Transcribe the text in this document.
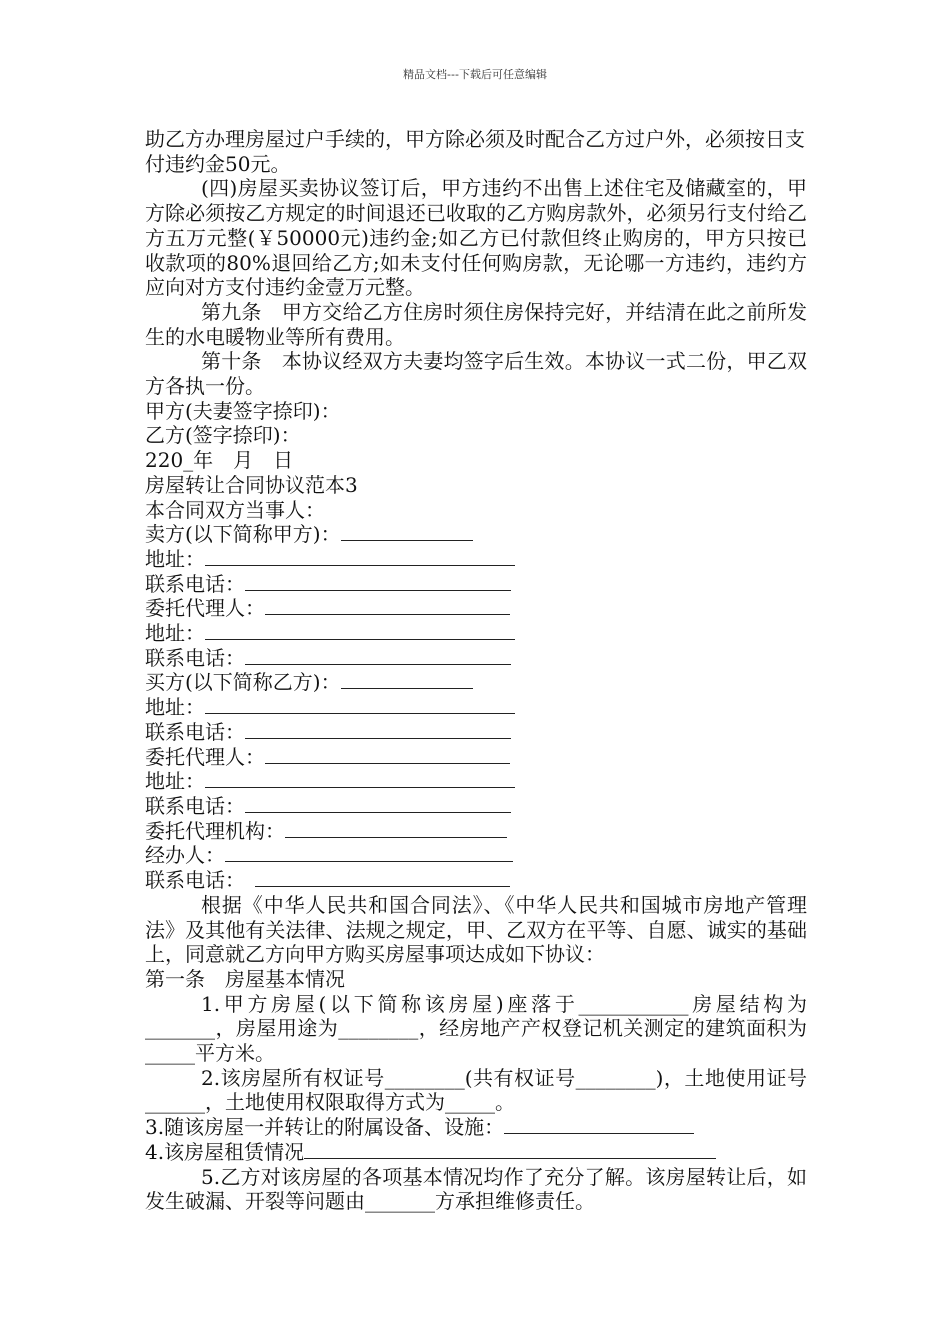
精品文档---下载后可任意编辑

助乙方办理房屋过户手续的，甲方除必须及时配合乙方过户外，必须按日支付违约金50元。

(四)房屋买卖协议签订后，甲方违约不出售上述住宅及储藏室的，甲方除必须按乙方规定的时间退还已收取的乙方购房款外，必须另行支付给乙方五万元整(￥50000元)违约金;如乙方已付款但终止购房的，甲方只按已收款项的80%退回给乙方;如未支付任何购房款，无论哪一方违约，违约方应向对方支付违约金壹万元整。

第九条　甲方交给乙方住房时须住房保持完好，并结清在此之前所发生的水电暖物业等所有费用。

第十条　本协议经双方夫妻均签字后生效。本协议一式二份，甲乙双方各执一份。

甲方(夫妻签字捺印)：

乙方(签字捺印)：

220_年　月　日

房屋转让合同协议范本3

本合同双方当事人：

卖方(以下简称甲方)：

地址：

联系电话：

委托代理人：

地址：

联系电话：

买方(以下简称乙方)：

地址：

联系电话：

委托代理人：

地址：

联系电话：

委托代理机构：

经办人：

联系电话：

根据《中华人民共和国合同法》、《中华人民共和国城市房地产管理法》及其他有关法律、法规之规定，甲、乙双方在平等、自愿、诚实的基础上，同意就乙方向甲方购买房屋事项达成如下协议：

第一条　房屋基本情况

1.甲方房屋(以下简称该房屋)座落于___________房屋结构为_______，房屋用途为________，经房地产产权登记机关测定的建筑面积为_____平方米。

2.该房屋所有权证号________(共有权证号________)，土地使用证号______，土地使用权限取得方式为_____。

3.随该房屋一并转让的附属设备、设施：

4.该房屋租赁情况

5.乙方对该房屋的各项基本情况均作了充分了解。该房屋转让后，如发生破漏、开裂等问题由_______方承担维修责任。
